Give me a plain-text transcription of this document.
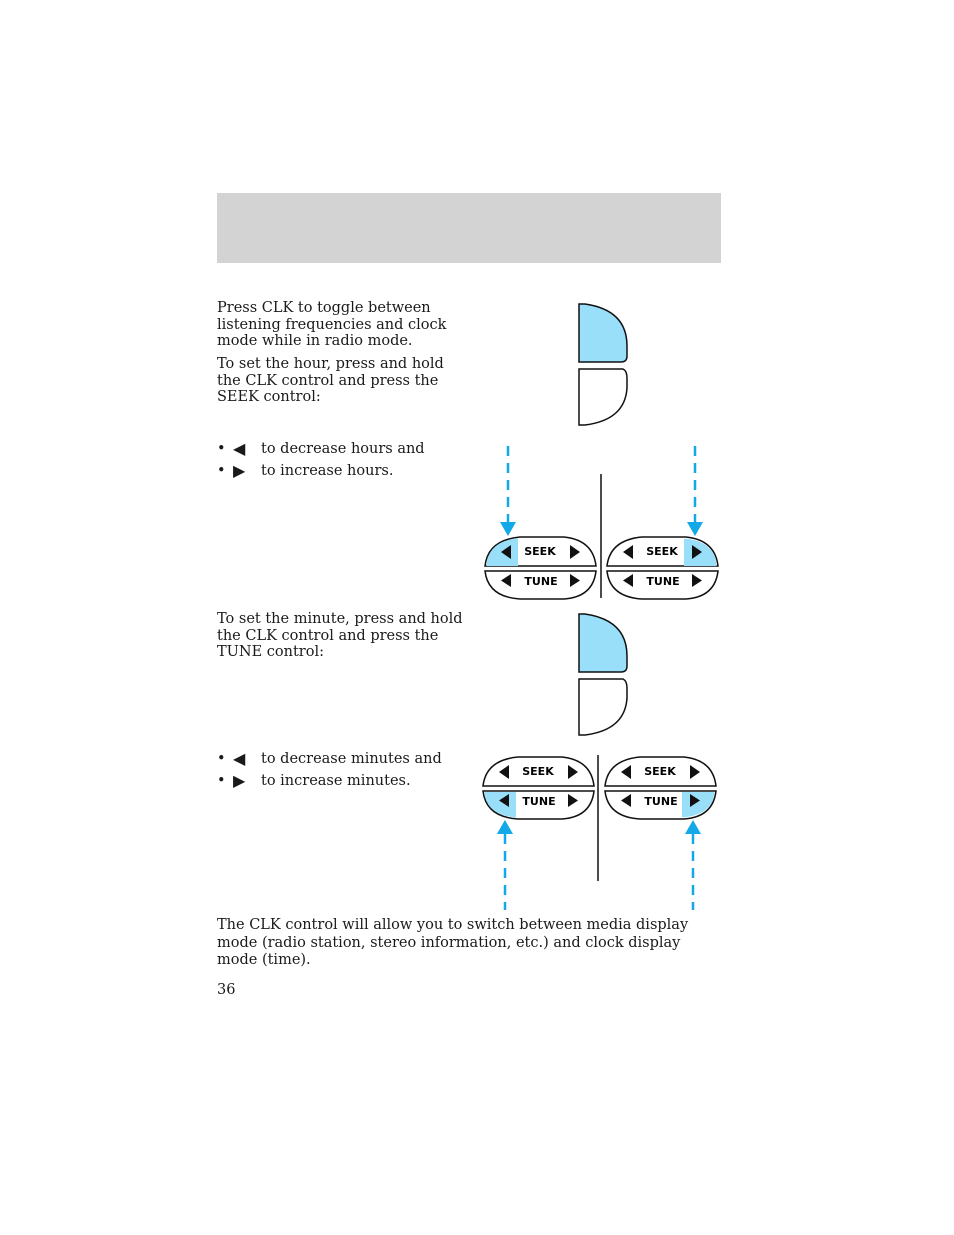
Press CLK to toggle between listening frequencies and clock mode while in radio mode.

To set the hour, press and hold the CLK control and press the SEEK control:

• ◀	to decrease hours and
• ▶	to increase hours.
SEEK
TUNE
SEEK
TUNE

To set the minute, press and hold the CLK control and press the TUNE control:

• ◀	to decrease minutes and
• ▶	to increase minutes.
SEEK
TUNE
SEEK
TUNE

The CLK control will allow you to switch between media display mode (radio station, stereo information, etc.) and clock display mode (time).

36
